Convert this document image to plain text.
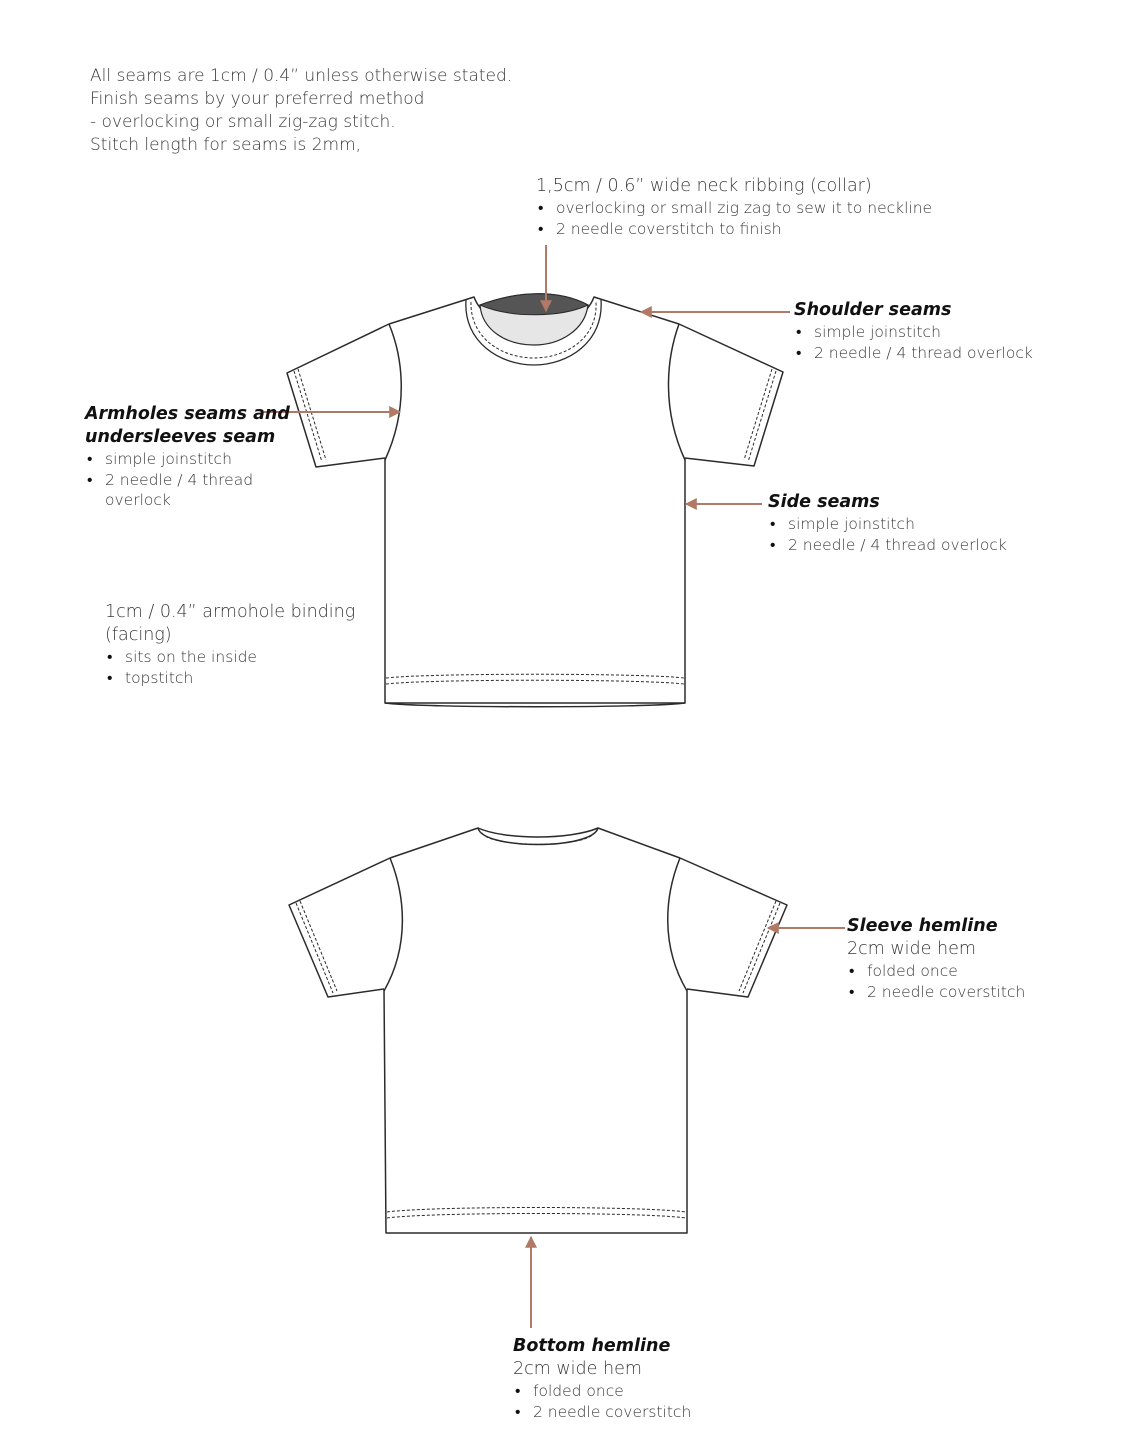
All seams are 1cm / 0.4” unless otherwise stated.
Finish seams by your preferred method
- overlocking or small zig-zag stitch.
Stitch length for seams is 2mm,
1,5cm / 0.6” wide neck ribbing (collar)
• overlocking or small zig zag to sew it to neckline
• 2 needle coverstitch to finish
Shoulder seams
• simple joinstitch
• 2 needle / 4 thread overlock
Armholes seams and
undersleeves seam
• simple joinstitch
• 2 needle / 4 thread
overlock	Side seams
• simple joinstitch
• 2 needle / 4 thread overlock
1cm / 0.4” armohole binding
(facing)
• sits on the inside
• topstitch
Sleeve hemline
2cm wide hem
• folded once
• 2 needle coverstitch
Bottom hemline
2cm wide hem
• folded once
• 2 needle coverstitch
